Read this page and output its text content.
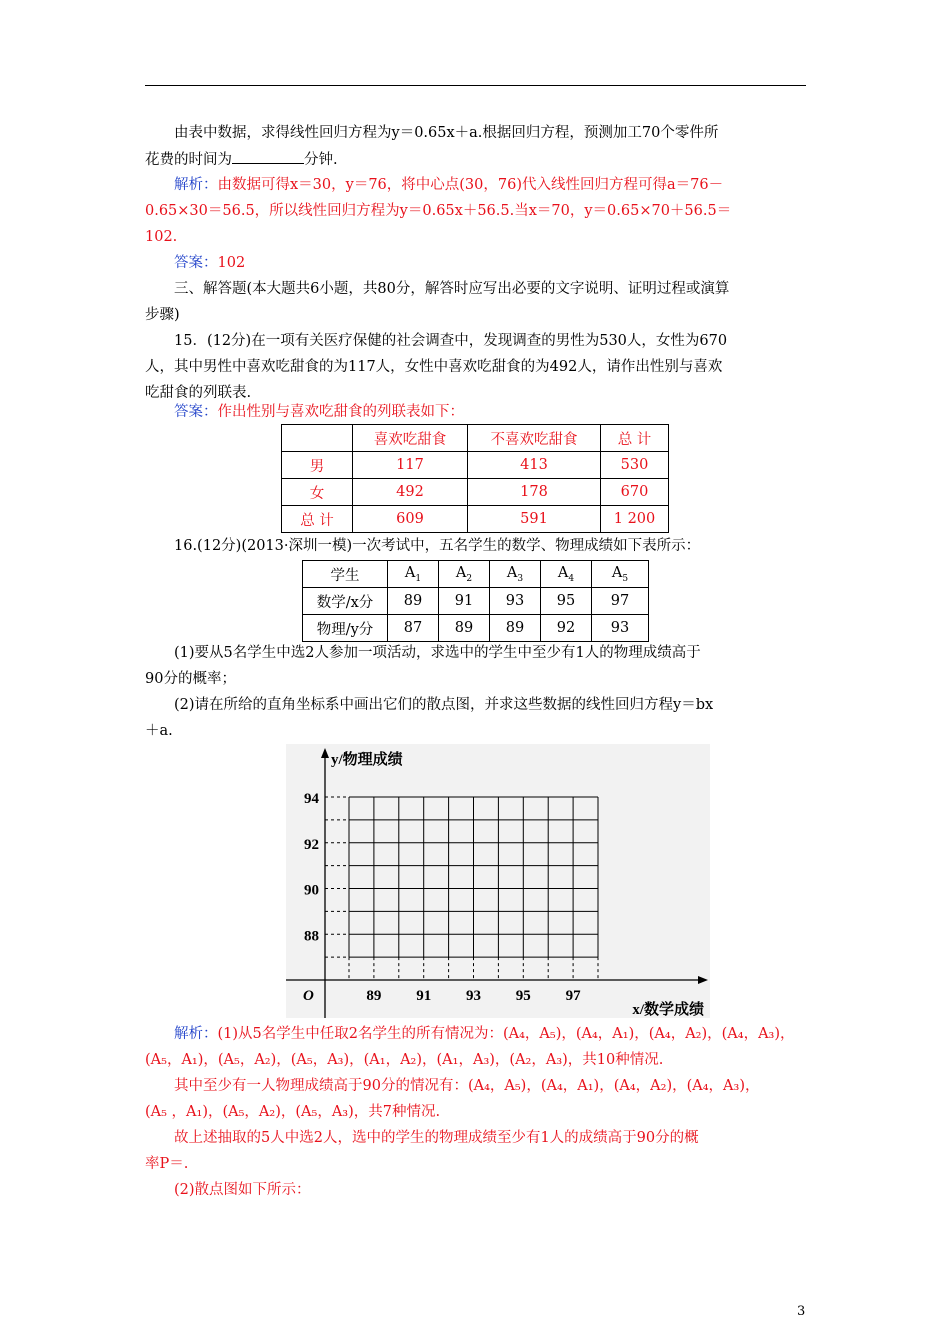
由表中数据，求得线性回归方程为y＝0.65x＋a.根据回归方程，预测加工70个零件所
花费的时间为	分钟.
解析：由数据可得x＝30，y＝76，将中心点(30，76)代入线性回归方程可得a＝76－
0.65×30＝56.5，所以线性回归方程为y＝0.65x＋56.5.当x＝70，y＝0.65×70＋56.5＝
102.
答案：102
三、解答题(本大题共6小题，共80分，解答时应写出必要的文字说明、证明过程或演算
步骤)
15．(12分)在一项有关医疗保健的社会调查中，发现调查的男性为530人，女性为670
人，其中男性中喜欢吃甜食的为117人，女性中喜欢吃甜食的为492人，请作出性别与喜欢
吃甜食的列联表.
答案：作出性别与喜欢吃甜食的列联表如下：
	喜欢吃甜食	不喜欢吃甜食	总 计
男	117	413	530
女	492	178	670
总 计	609	591	1 200
16.(12分)(2013·深圳一模)一次考试中，五名学生的数学、物理成绩如下表所示：
学生	$A_1$	$A_2$	$A_3$	$A_4$	$A_5$
数学/x分	89	91	93	95	97
物理/y分	87	89	89	92	93
(1)要从5名学生中选2人参加一项活动，求选中的学生中至少有1人的物理成绩高于
90分的概率；
(2)请在所给的直角坐标系中画出它们的散点图，并求这些数据的线性回归方程y＝bx
＋a.
89 91 93 95 97
94
92
90
88
O
y/物理成绩
x/数学成绩
解析：(1)从5名学生中任取2名学生的所有情况为：(A₄，A₅)，(A₄，A₁)，(A₄，A₂)，(A₄，A₃)，
(A₅，A₁)，(A₅，A₂)，(A₅，A₃)，(A₁，A₂)，(A₁，A₃)，(A₂，A₃)，共10种情况.
其中至少有一人物理成绩高于90分的情况有：(A₄，A₅)，(A₄，A₁)，(A₄，A₂)，(A₄，A₃)，
(A₅ ，A₁)，(A₅，A₂)，(A₅，A₃)，共7种情况.
故上述抽取的5人中选2人，选中的学生的物理成绩至少有1人的成绩高于90分的概
率P＝.
(2)散点图如下所示：
3
